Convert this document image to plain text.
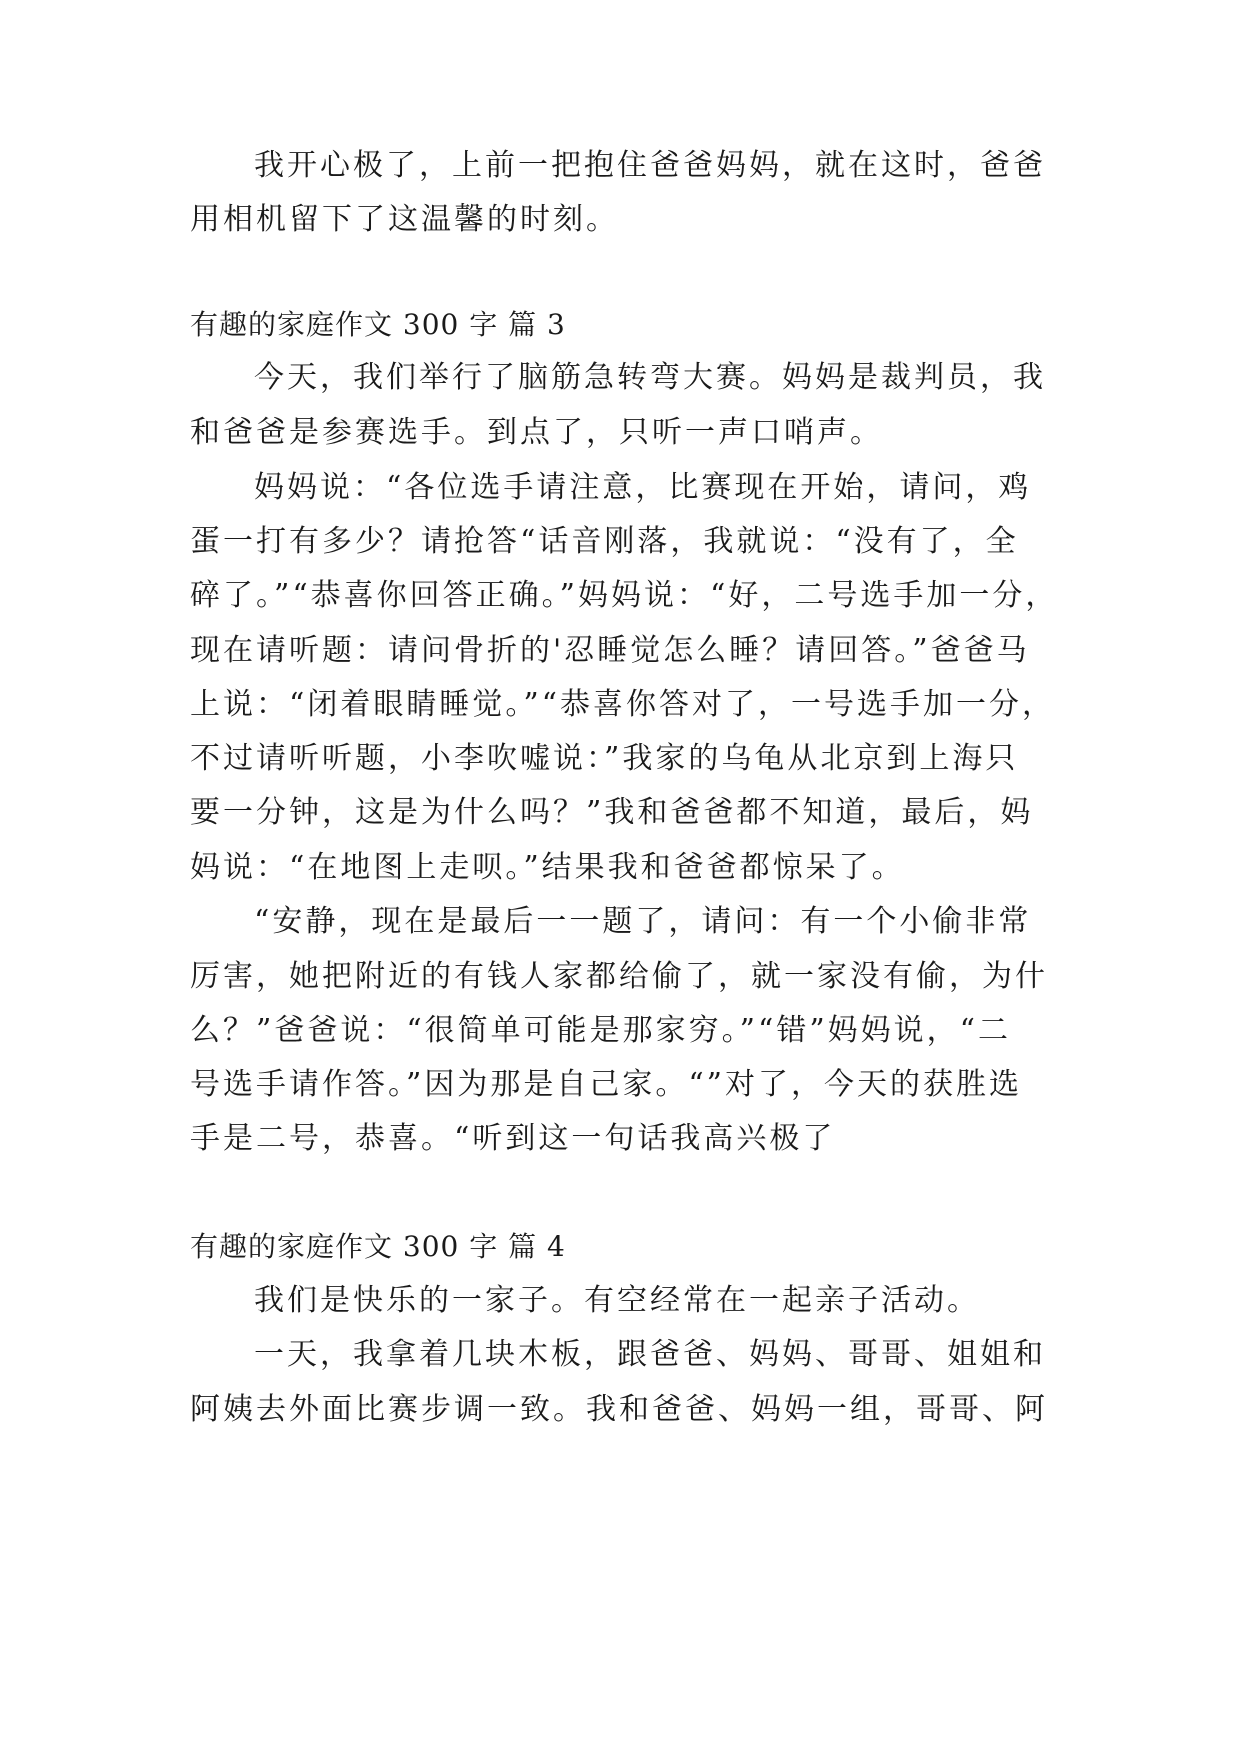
我开心极了，上前一把抱住爸爸妈妈，就在这时，爸爸
用相机留下了这温馨的时刻。
有趣的家庭作文 300 字 篇 3
今天，我们举行了脑筋急转弯大赛。妈妈是裁判员，我
和爸爸是参赛选手。到点了，只听一声口哨声。
妈妈说：“各位选手请注意，比赛现在开始，请问，鸡
蛋一打有多少？请抢答“话音刚落，我就说：“没有了，全
碎了。”“恭喜你回答正确。”妈妈说：“好，二号选手加一分，
现在请听题：请问骨折的'忍睡觉怎么睡？请回答。”爸爸马
上说：“闭着眼睛睡觉。”“恭喜你答对了，一号选手加一分，
不过请听听题，小李吹嘘说：”我家的乌龟从北京到上海只
要一分钟，这是为什么吗？”我和爸爸都不知道，最后，妈
妈说：“在地图上走呗。”结果我和爸爸都惊呆了。
“安静，现在是最后一一题了，请问：有一个小偷非常
厉害，她把附近的有钱人家都给偷了，就一家没有偷，为什
么？”爸爸说：“很简单可能是那家穷。”“错”妈妈说，“二
号选手请作答。”因为那是自己家。“”对了，今天的获胜选
手是二号，恭喜。“听到这一句话我高兴极了
有趣的家庭作文 300 字 篇 4
我们是快乐的一家子。有空经常在一起亲子活动。
一天，我拿着几块木板，跟爸爸、妈妈、哥哥、姐姐和
阿姨去外面比赛步调一致。我和爸爸、妈妈一组，哥哥、阿
